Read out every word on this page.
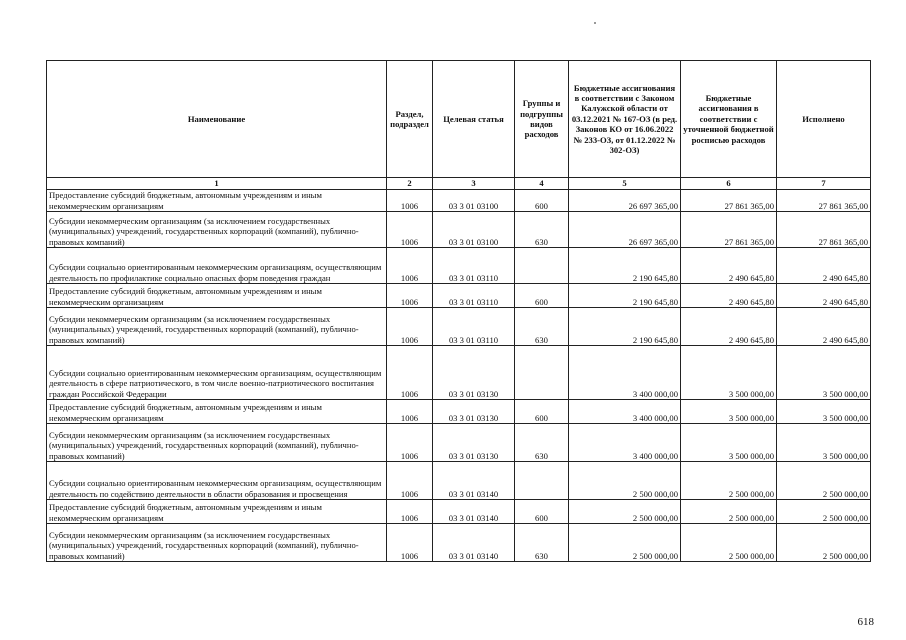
Наименование	Раздел, подраздел	Целевая статья	Группы и подгруппы видов расходов	Бюджетные ассигнования в соответствии с Законом Калужской области от 03.12.2021 № 167-ОЗ (в ред. Законов КО от 16.06.2022 № 233-ОЗ, от 01.12.2022 № 302-ОЗ)	Бюджетные ассигнования в соответствии с уточненной бюджетной росписью расходов	Исполнено
1	2	3	4	5	6	7
Предоставление субсидий бюджетным, автономным учреждениям и иным некоммерческим организациям	1006	03 3 01 03100	600	26 697 365,00	27 861 365,00	27 861 365,00
Субсидии некоммерческим организациям (за исключением государственных (муниципальных) учреждений, государственных корпораций (компаний), публично-правовых компаний)	1006	03 3 01 03100	630	26 697 365,00	27 861 365,00	27 861 365,00
Субсидии социально ориентированным некоммерческим организациям, осуществляющим деятельность по профилактике социально опасных форм поведения граждан	1006	03 3 01 03110		2 190 645,80	2 490 645,80	2 490 645,80
Предоставление субсидий бюджетным, автономным учреждениям и иным некоммерческим организациям	1006	03 3 01 03110	600	2 190 645,80	2 490 645,80	2 490 645,80
Субсидии некоммерческим организациям (за исключением государственных (муниципальных) учреждений, государственных корпораций (компаний), публично-правовых компаний)	1006	03 3 01 03110	630	2 190 645,80	2 490 645,80	2 490 645,80
Субсидии социально ориентированным некоммерческим организациям, осуществляющим деятельность в сфере патриотического, в том числе военно-патриотического воспитания граждан Российской Федерации	1006	03 3 01 03130		3 400 000,00	3 500 000,00	3 500 000,00
Предоставление субсидий бюджетным, автономным учреждениям и иным некоммерческим организациям	1006	03 3 01 03130	600	3 400 000,00	3 500 000,00	3 500 000,00
Субсидии некоммерческим организациям (за исключением государственных (муниципальных) учреждений, государственных корпораций (компаний), публично-правовых компаний)	1006	03 3 01 03130	630	3 400 000,00	3 500 000,00	3 500 000,00
Субсидии социально ориентированным некоммерческим организациям, осуществляющим деятельность по содействию деятельности в области образования и просвещения	1006	03 3 01 03140		2 500 000,00	2 500 000,00	2 500 000,00
Предоставление субсидий бюджетным, автономным учреждениям и иным некоммерческим организациям	1006	03 3 01 03140	600	2 500 000,00	2 500 000,00	2 500 000,00
Субсидии некоммерческим организациям (за исключением государственных (муниципальных) учреждений, государственных корпораций (компаний), публично-правовых компаний)	1006	03 3 01 03140	630	2 500 000,00	2 500 000,00	2 500 000,00
618
